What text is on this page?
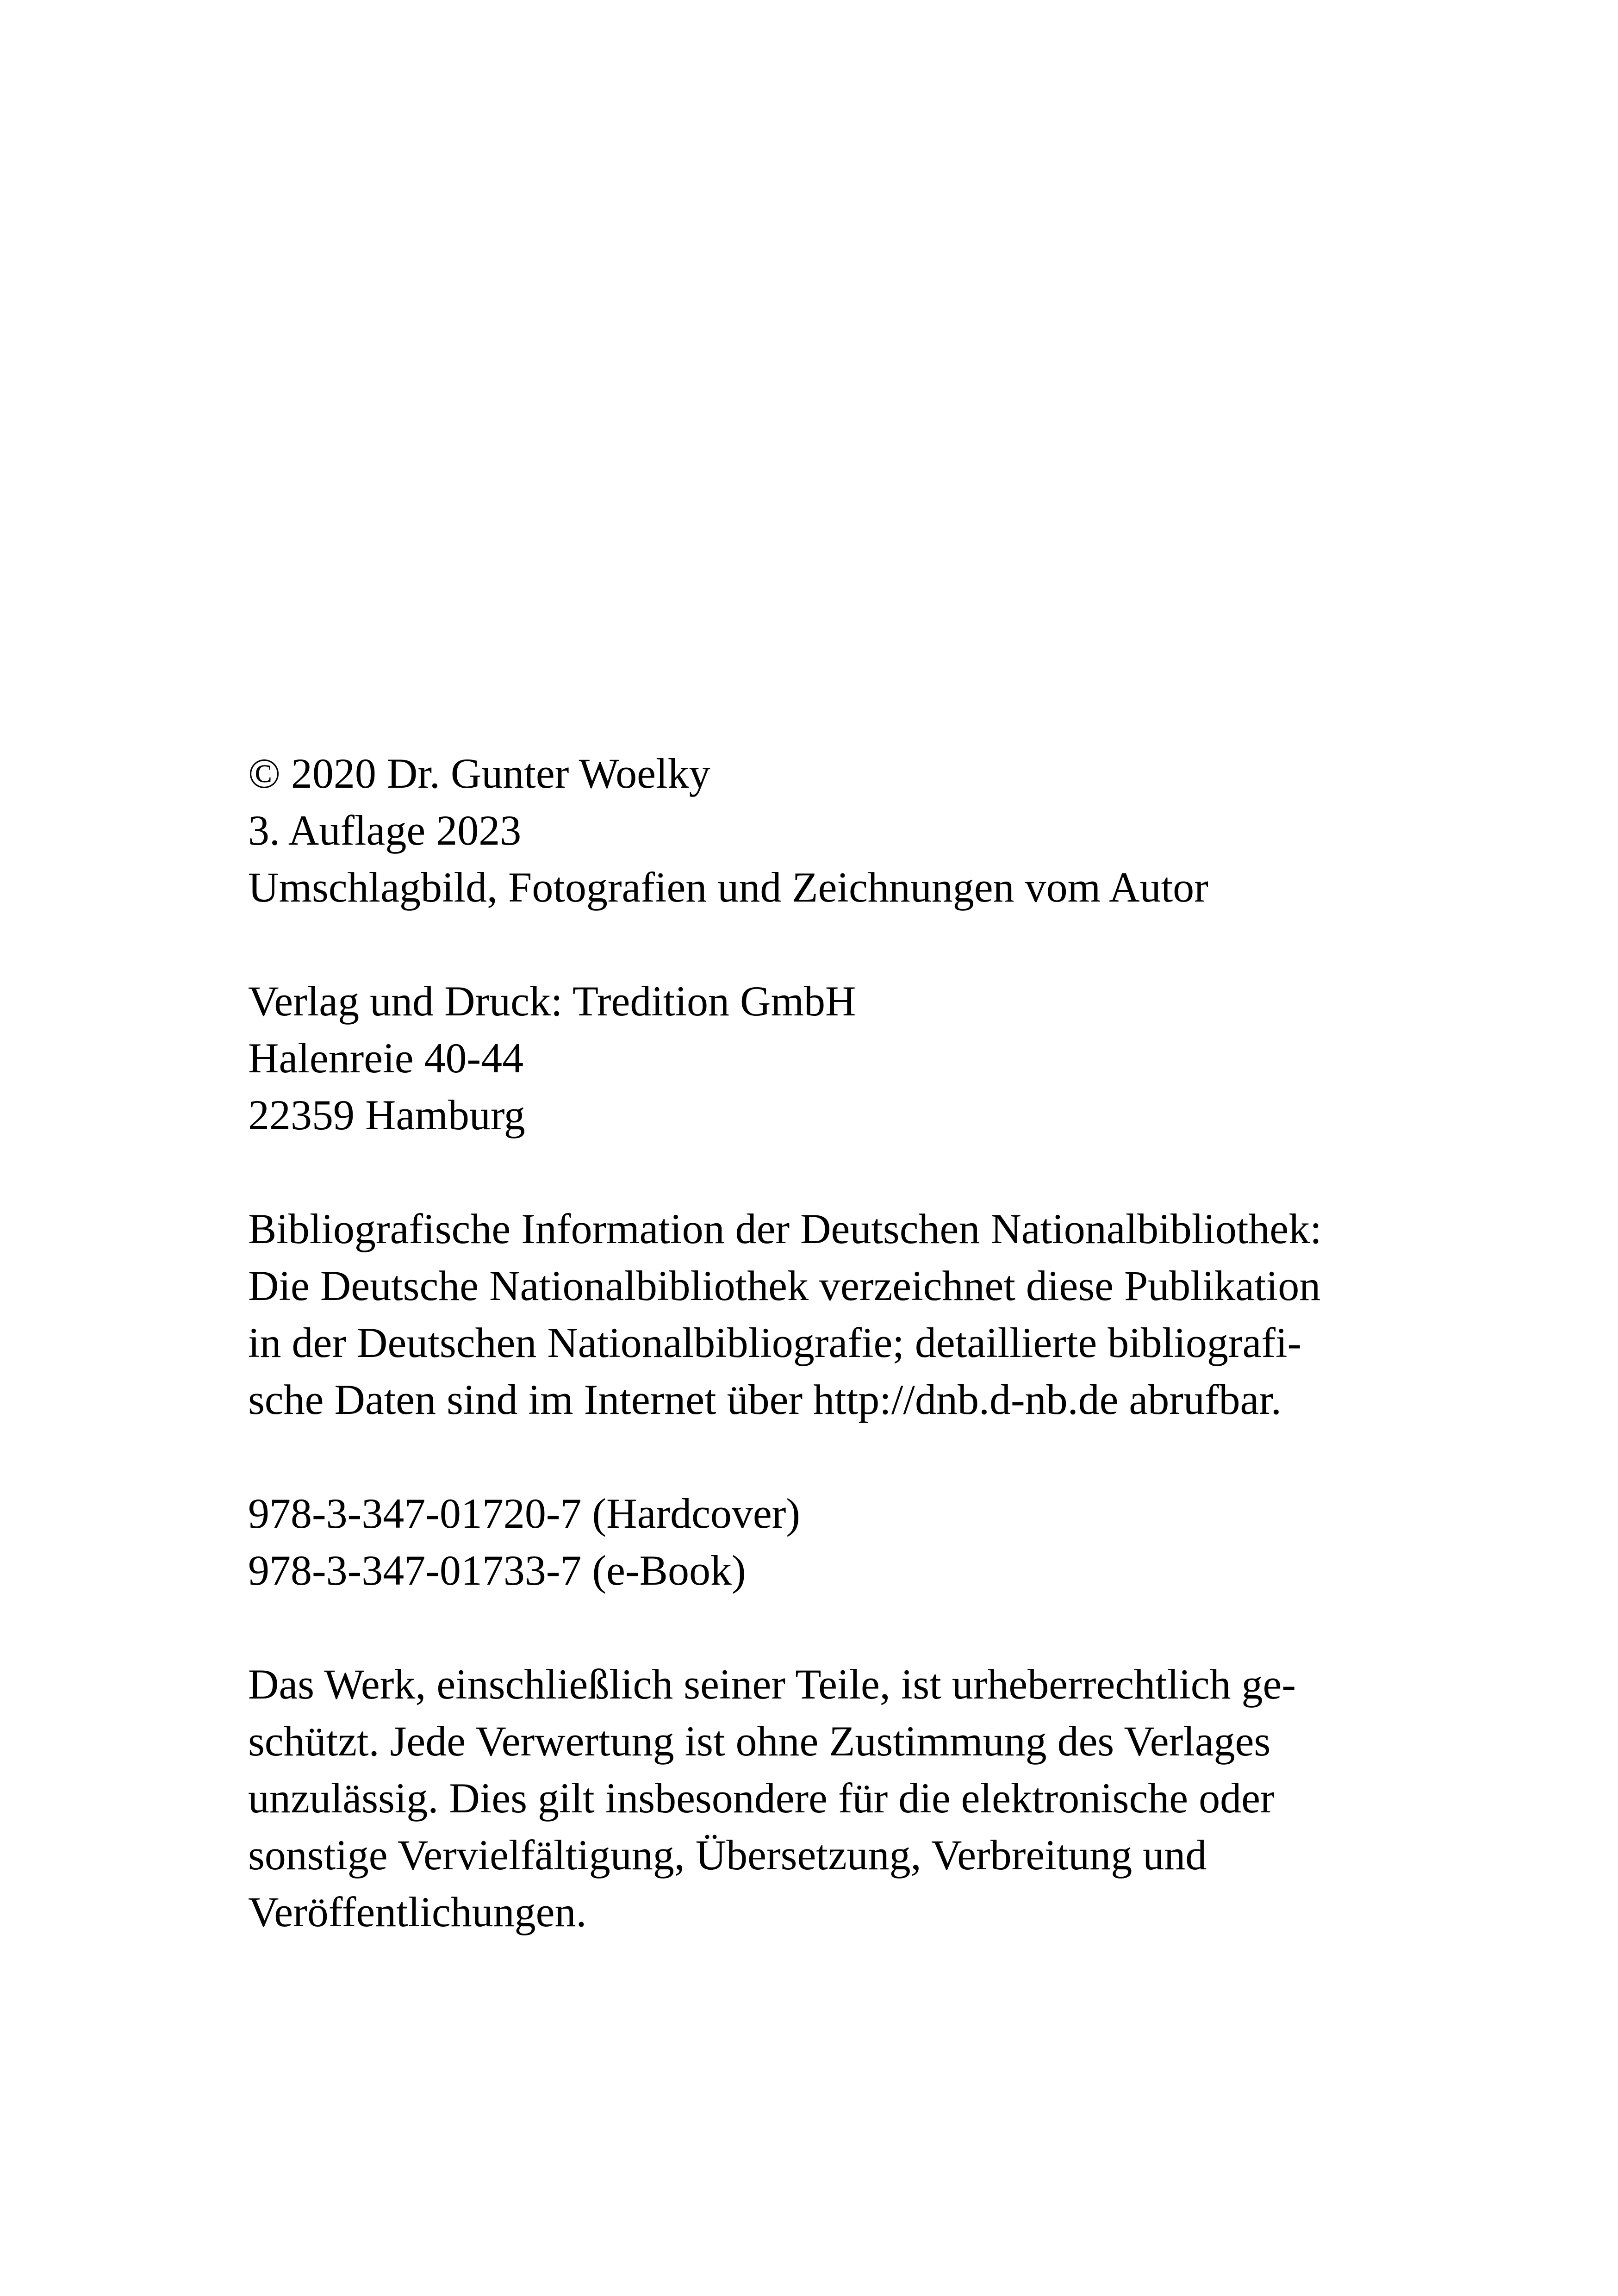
© 2020 Dr. Gunter Woelky
3. Auflage 2023
Umschlagbild, Fotografien und Zeichnungen vom Autor
Verlag und Druck: Tredition GmbH
Halenreie 40-44
22359 Hamburg
Bibliografische Information der Deutschen Nationalbibliothek:
Die Deutsche Nationalbibliothek verzeichnet diese Publikation
in der Deutschen Nationalbibliografie; detaillierte bibliografi-
sche Daten sind im Internet über http://dnb.d-nb.de abrufbar.
978-3-347-01720-7 (Hardcover)
978-3-347-01733-7 (e-Book)
Das Werk, einschließlich seiner Teile, ist urheberrechtlich ge-
schützt. Jede Verwertung ist ohne Zustimmung des Verlages
unzulässig. Dies gilt insbesondere für die elektronische oder
sonstige Vervielfältigung, Übersetzung, Verbreitung und
Veröffentlichungen.
